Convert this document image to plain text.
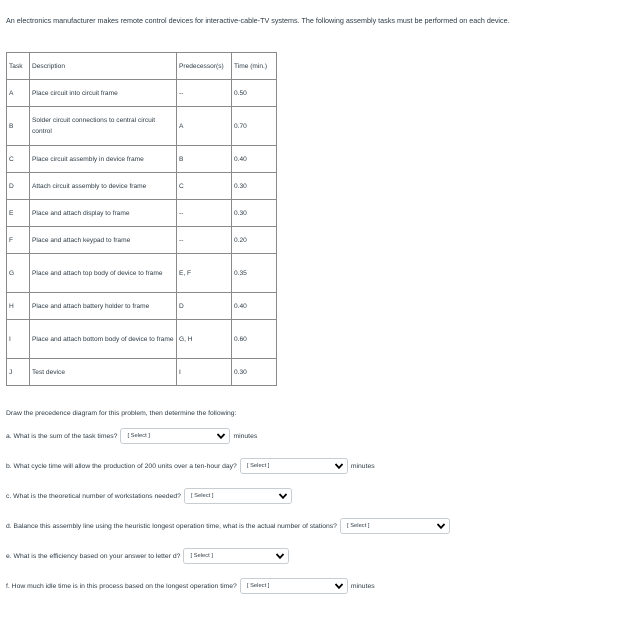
An electronics manufacturer makes remote control devices for interactive-cable-TV systems. The following assembly tasks must be performed on each device.
Task	Description	Predecessor(s)	Time (min.)
A	Place circuit into circuit frame	--	0.50
B	Solder circuit connections to central circuit control	A	0.70
C	Place circuit assembly in device frame	B	0.40
D	Attach circuit assembly to device frame	C	0.30
E	Place and attach display to frame	--	0.30
F	Place and attach keypad to frame	--	0.20
G	Place and attach top body of device to frame	E, F	0.35
H	Place and attach battery holder to frame	D	0.40
I	Place and attach bottom body of device to frame	G, H	0.60
J	Test device	I	0.30
Draw the precedence diagram for this problem, then determine the following:
a. What is the sum of the task times? [ Select ]	minutes
b. What cycle time will allow the production of 200 units over a ten-hour day? [ Select ]	minutes
c. What is the theoretical number of workstations needed? [ Select ]
d. Balance this assembly line using the heuristic longest operation time, what is the actual number of stations? [ Select ]
e. What is the efficiency based on your answer to letter d? [ Select ]
f. How much idle time is in this process based on the longest operation time? [ Select ]	minutes
